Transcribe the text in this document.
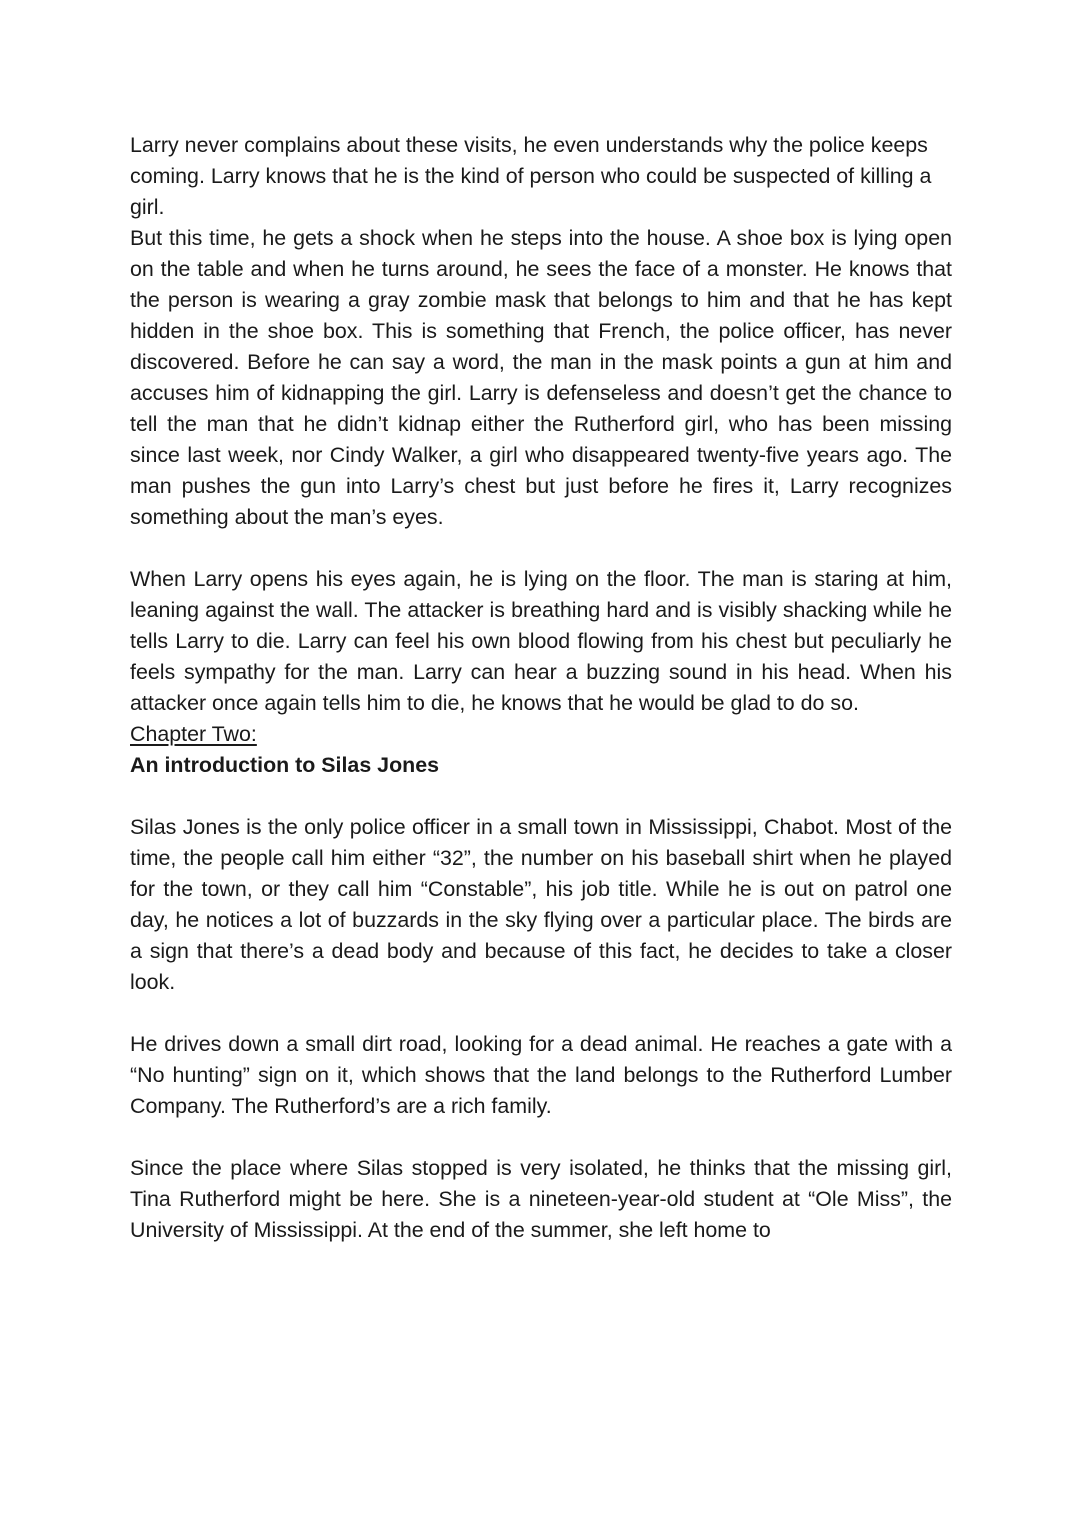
Larry never complains about these visits, he even understands why the police keeps coming. Larry knows that he is the kind of person who could be suspected of killing a girl.

But this time, he gets a shock when he steps into the house. A shoe box is lying open on the table and when he turns around, he sees the face of a monster. He knows that the person is wearing a gray zombie mask that belongs to him and that he has kept hidden in the shoe box. This is something that French, the police officer, has never discovered. Before he can say a word, the man in the mask points a gun at him and accuses him of kidnapping the girl. Larry is defenseless and doesn’t get the chance to tell the man that he didn’t kidnap either the Rutherford girl, who has been missing since last week, nor Cindy Walker, a girl who disappeared twenty-five years ago. The man pushes the gun into Larry’s chest but just before he fires it, Larry recognizes something about the man’s eyes.

When Larry opens his eyes again, he is lying on the floor. The man is staring at him, leaning against the wall. The attacker is breathing hard and is visibly shacking while he tells Larry to die. Larry can feel his own blood flowing from his chest but peculiarly he feels sympathy for the man. Larry can hear a buzzing sound in his head. When his attacker once again tells him to die, he knows that he would be glad to do so.

Chapter Two:

An introduction to Silas Jones

Silas Jones is the only police officer in a small town in Mississippi, Chabot. Most of the time, the people call him either “32”, the number on his baseball shirt when he played for the town, or they call him “Constable”, his job title. While he is out on patrol one day, he notices a lot of buzzards in the sky flying over a particular place. The birds are a sign that there’s a dead body and because of this fact, he decides to take a closer look.

He drives down a small dirt road, looking for a dead animal. He reaches a gate with a “No hunting” sign on it, which shows that the land belongs to the Rutherford Lumber Company. The Rutherford’s are a rich family.

Since the place where Silas stopped is very isolated, he thinks that the missing girl, Tina Rutherford might be here. She is a nineteen-year-old student at “Ole Miss”, the University of Mississippi. At the end of the summer, she left home to
